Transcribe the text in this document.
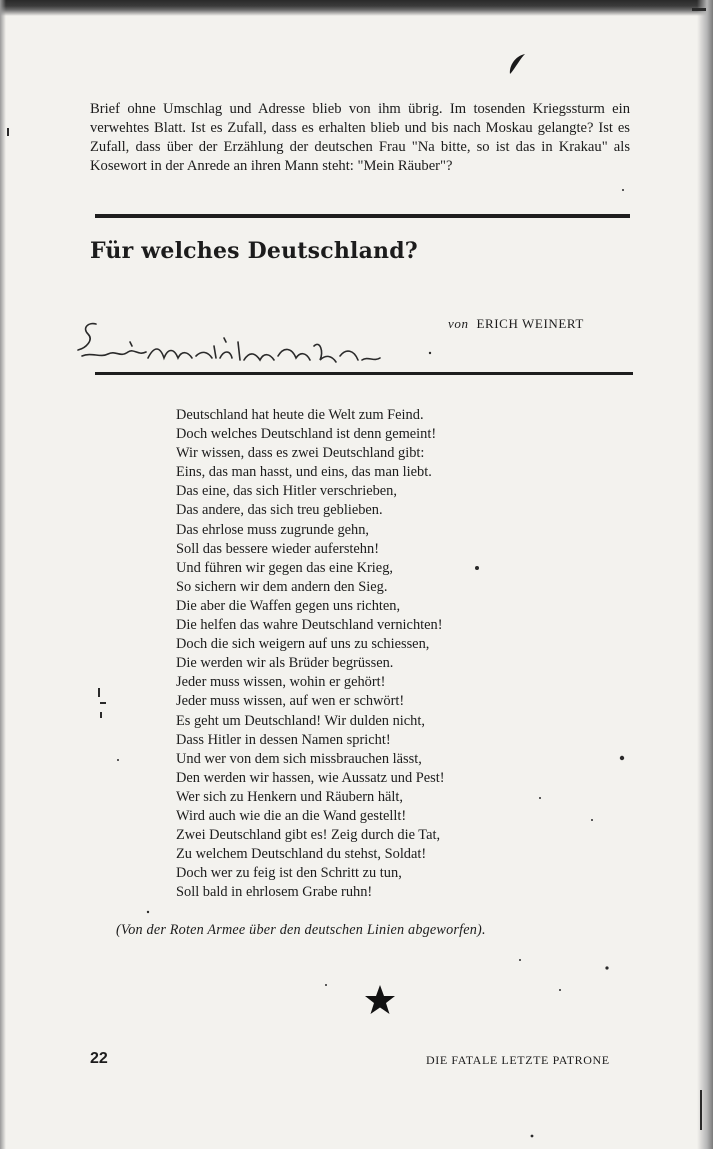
Brief ohne Umschlag und Adresse blieb von ihm übrig. Im tosenden Kriegssturm ein verwehtes Blatt. Ist es Zufall, dass es erhalten blieb und bis nach Moskau gelangte? Ist es Zufall, dass über der Erzählung der deutschen Frau "Na bitte, so ist das in Krakau" als Kosewort in der Anrede an ihren Mann steht: "Mein Räuber"?

Für welches Deutschland?
von ERICH WEINERT
Deutschland hat heute die Welt zum Feind.
Doch welches Deutschland ist denn gemeint!
Wir wissen, dass es zwei Deutschland gibt:
Eins, das man hasst, und eins, das man liebt.
Das eine, das sich Hitler verschrieben,
Das andere, das sich treu geblieben.
Das ehrlose muss zugrunde gehn,
Soll das bessere wieder auferstehn!
Und führen wir gegen das eine Krieg,
So sichern wir dem andern den Sieg.
Die aber die Waffen gegen uns richten,
Die helfen das wahre Deutschland vernichten!
Doch die sich weigern auf uns zu schiessen,
Die werden wir als Brüder begrüssen.
Jeder muss wissen, wohin er gehört!
Jeder muss wissen, auf wen er schwört!
Es geht um Deutschland! Wir dulden nicht,
Dass Hitler in dessen Namen spricht!
Und wer von dem sich missbrauchen lässt,
Den werden wir hassen, wie Aussatz und Pest!
Wer sich zu Henkern und Räubern hält,
Wird auch wie die an die Wand gestellt!
Zwei Deutschland gibt es! Zeig durch die Tat,
Zu welchem Deutschland du stehst, Soldat!
Doch wer zu feig ist den Schritt zu tun,
Soll bald in ehrlosem Grabe ruhn!
(Von der Roten Armee über den deutschen Linien abgeworfen).
22	DIE FATALE LETZTE PATRONE
